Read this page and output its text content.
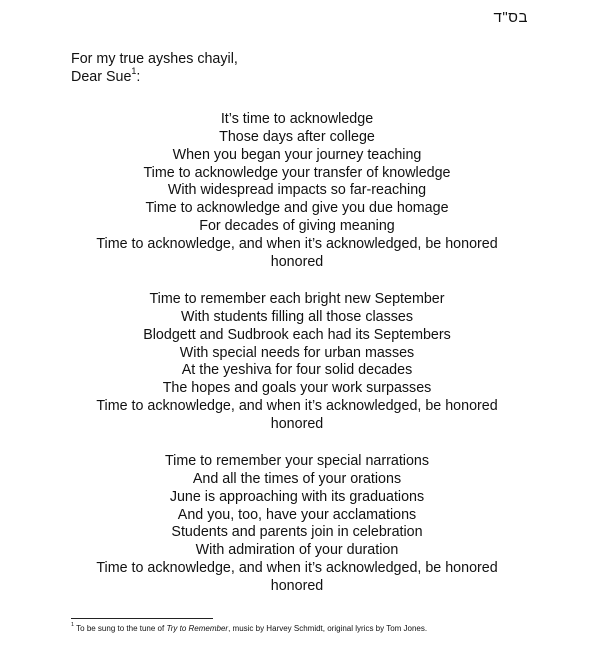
בס"ד
For my true ayshes chayil,
Dear Sue$^1$:
It’s time to acknowledge
Those days after college
When you began your journey teaching
Time to acknowledge your transfer of knowledge
With widespread impacts so far-reaching
Time to acknowledge and give you due homage
For decades of giving meaning
Time to acknowledge, and when it’s acknowledged, be honored
honored
Time to remember each bright new September
With students filling all those classes
Blodgett and Sudbrook each had its Septembers
With special needs for urban masses
At the yeshiva for four solid decades
The hopes and goals your work surpasses
Time to acknowledge, and when it’s acknowledged, be honored
honored
Time to remember your special narrations
And all the times of your orations
June is approaching with its graduations
And you, too, have your acclamations
Students and parents join in celebration
With admiration of your duration
Time to acknowledge, and when it’s acknowledged, be honored
honored
$^1$ To be sung to the tune of Try to Remember, music by Harvey Schmidt, original lyrics by Tom Jones.
